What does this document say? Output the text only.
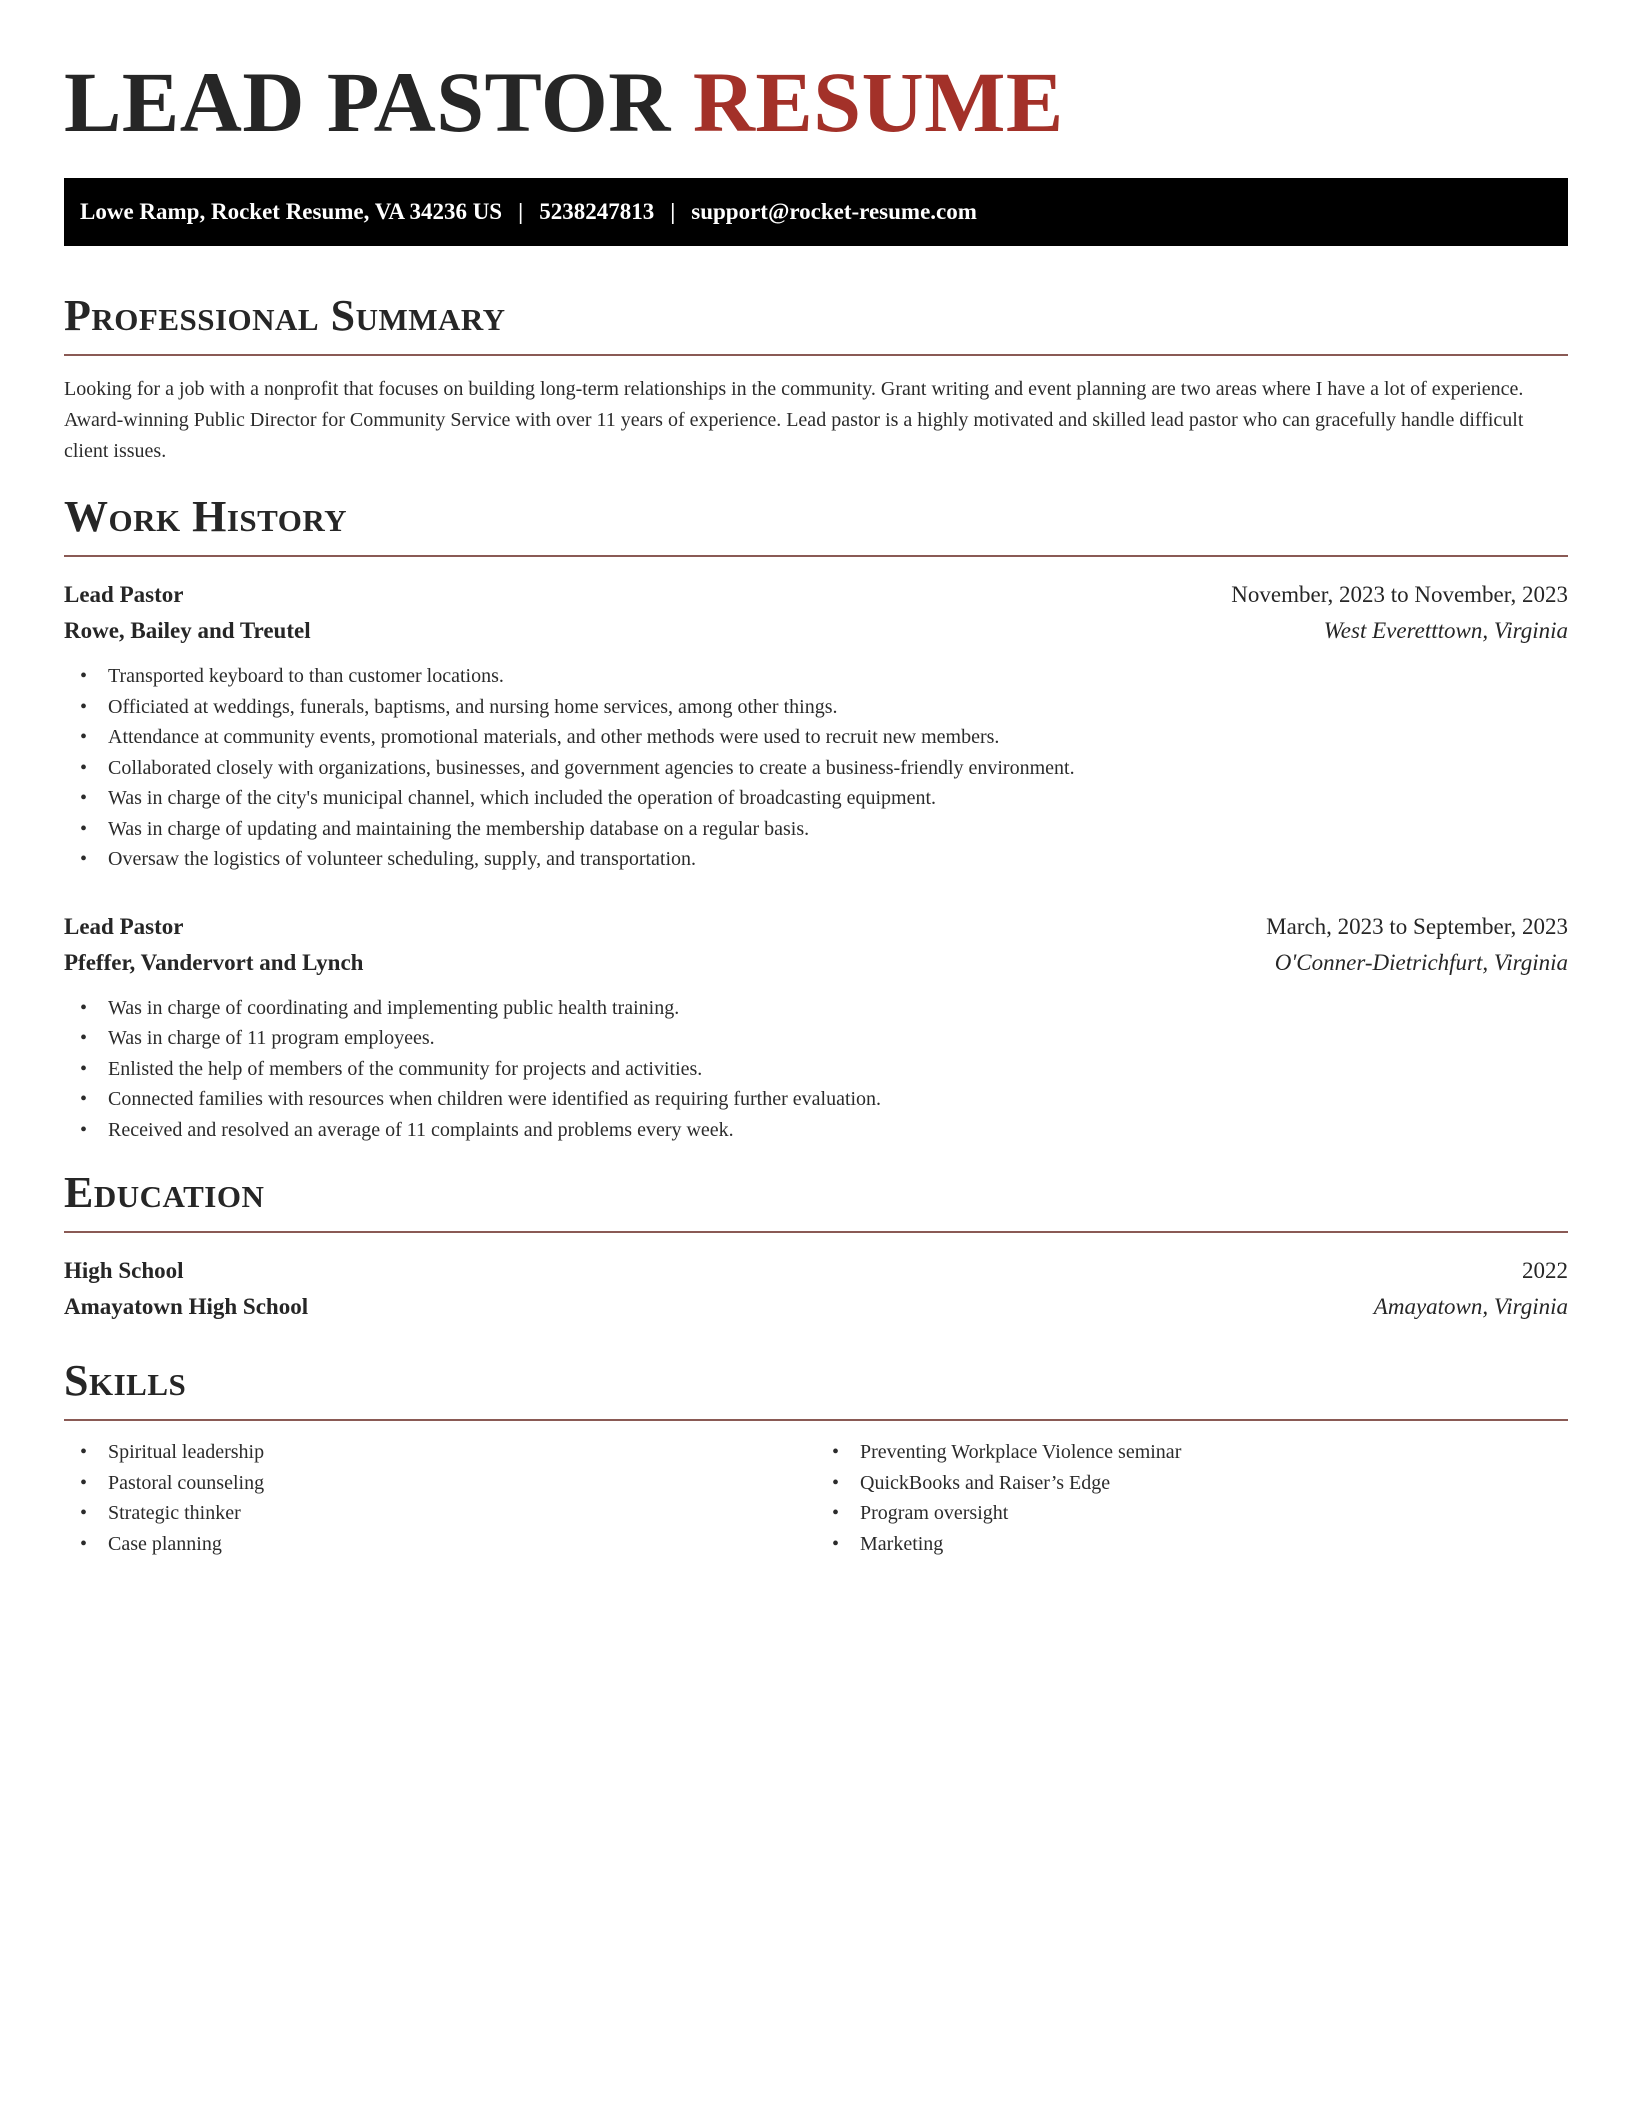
LEAD PASTOR RESUME
Lowe Ramp, Rocket Resume, VA 34236 US | 5238247813 | support@rocket-resume.com
Professional Summary

Looking for a job with a nonprofit that focuses on building long-term relationships in the community. Grant writing and event planning are two areas where I have a lot of experience. Award-winning Public Director for Community Service with over 11 years of experience. Lead pastor is a highly motivated and skilled lead pastor who can gracefully handle difficult client issues.

Work History
Lead Pastor	November, 2023 to November, 2023
Rowe, Bailey and Treutel	West Everetttown, Virginia
• Transported keyboard to than customer locations.
• Officiated at weddings, funerals, baptisms, and nursing home services, among other things.
• Attendance at community events, promotional materials, and other methods were used to recruit new members.
• Collaborated closely with organizations, businesses, and government agencies to create a business-friendly environment.
• Was in charge of the city's municipal channel, which included the operation of broadcasting equipment.
• Was in charge of updating and maintaining the membership database on a regular basis.
• Oversaw the logistics of volunteer scheduling, supply, and transportation.
Lead Pastor	March, 2023 to September, 2023
Pfeffer, Vandervort and Lynch	O'Conner-Dietrichfurt, Virginia
• Was in charge of coordinating and implementing public health training.
• Was in charge of 11 program employees.
• Enlisted the help of members of the community for projects and activities.
• Connected families with resources when children were identified as requiring further evaluation.
• Received and resolved an average of 11 complaints and problems every week.
Education
High School	2022
Amayatown High School	Amayatown, Virginia
Skills
• Spiritual leadership
• Pastoral counseling
• Strategic thinker
• Case planning
• Preventing Workplace Violence seminar
• QuickBooks and Raiser’s Edge
• Program oversight
• Marketing
